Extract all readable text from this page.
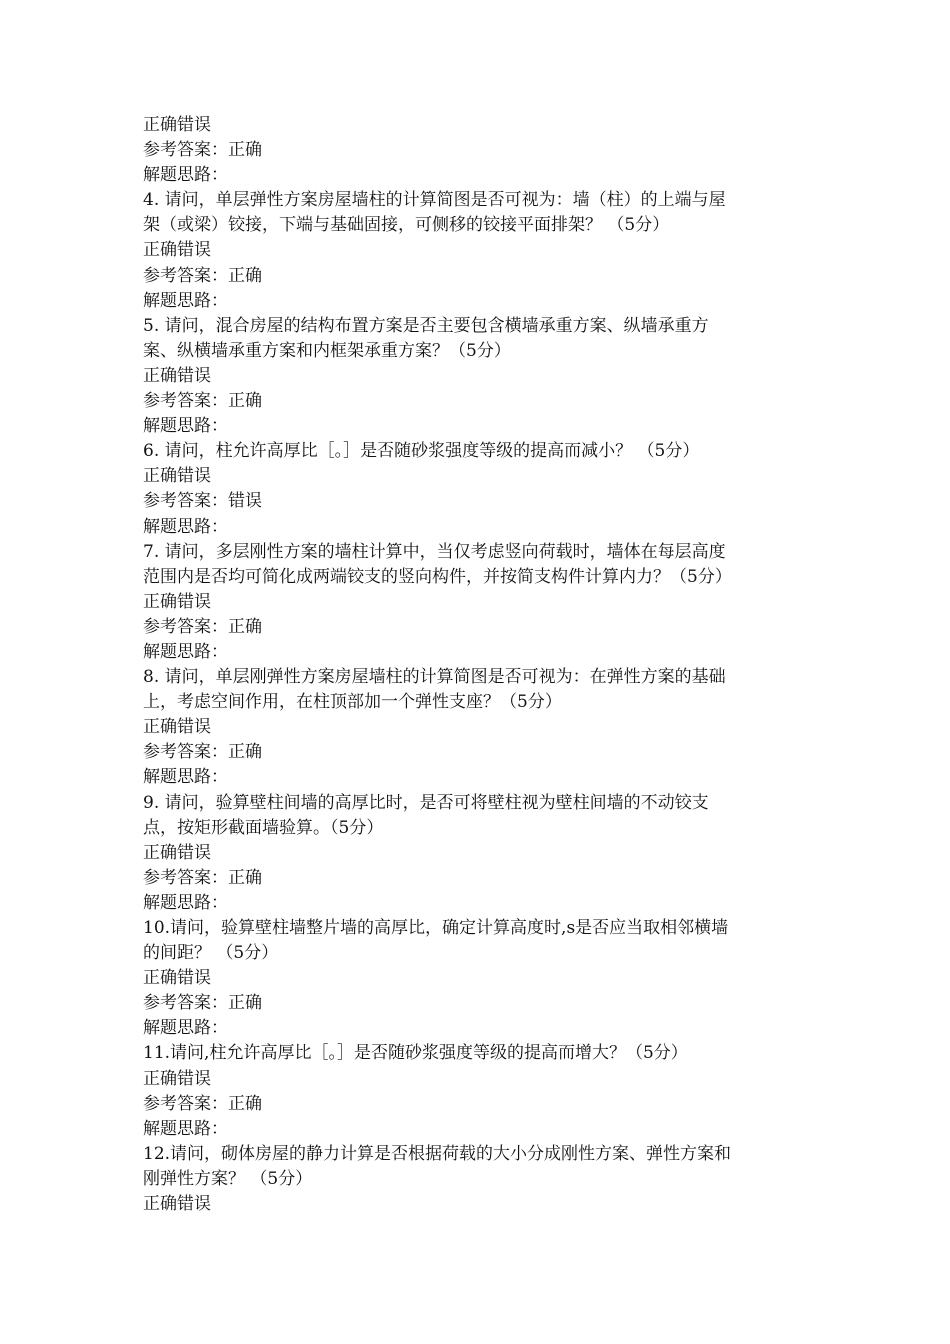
正确错误

参考答案：正确

解题思路：

4. 请问，单层弹性方案房屋墙柱的计算简图是否可视为：墙（柱）的上端与屋

架（或梁）铰接，下端与基础固接，可侧移的铰接平面排架？ （5分）

正确错误

参考答案：正确

解题思路：

5. 请问，混合房屋的结构布置方案是否主要包含横墙承重方案、纵墙承重方

案、纵横墙承重方案和内框架承重方案？（5分）

正确错误

参考答案：正确

解题思路：

6. 请问，柱允许高厚比［。］是否随砂浆强度等级的提高而减小？ （5分）

正确错误

参考答案：错误

解题思路：

7. 请问，多层刚性方案的墙柱计算中，当仅考虑竖向荷载时，墙体在每层高度

范围内是否均可简化成两端铰支的竖向构件，并按简支构件计算内力？（5分）

正确错误

参考答案：正确

解题思路：

8. 请问，单层刚弹性方案房屋墙柱的计算简图是否可视为：在弹性方案的基础

上，考虑空间作用，在柱顶部加一个弹性支座？（5分）

正确错误

参考答案：正确

解题思路：

9. 请问，验算壁柱间墙的高厚比时，是否可将壁柱视为壁柱间墙的不动铰支

点，按矩形截面墙验算。（5分）

正确错误

参考答案：正确

解题思路：

10.请问，验算壁柱墙整片墙的高厚比，确定计算高度时,s是否应当取相邻横墙

的间距？ （5分）

正确错误

参考答案：正确

解题思路：

11.请问,柱允许高厚比［。］是否随砂浆强度等级的提高而增大？（5分）

正确错误

参考答案：正确

解题思路：

12.请问，砌体房屋的静力计算是否根据荷载的大小分成刚性方案、弹性方案和

刚弹性方案？ （5分）

正确错误
